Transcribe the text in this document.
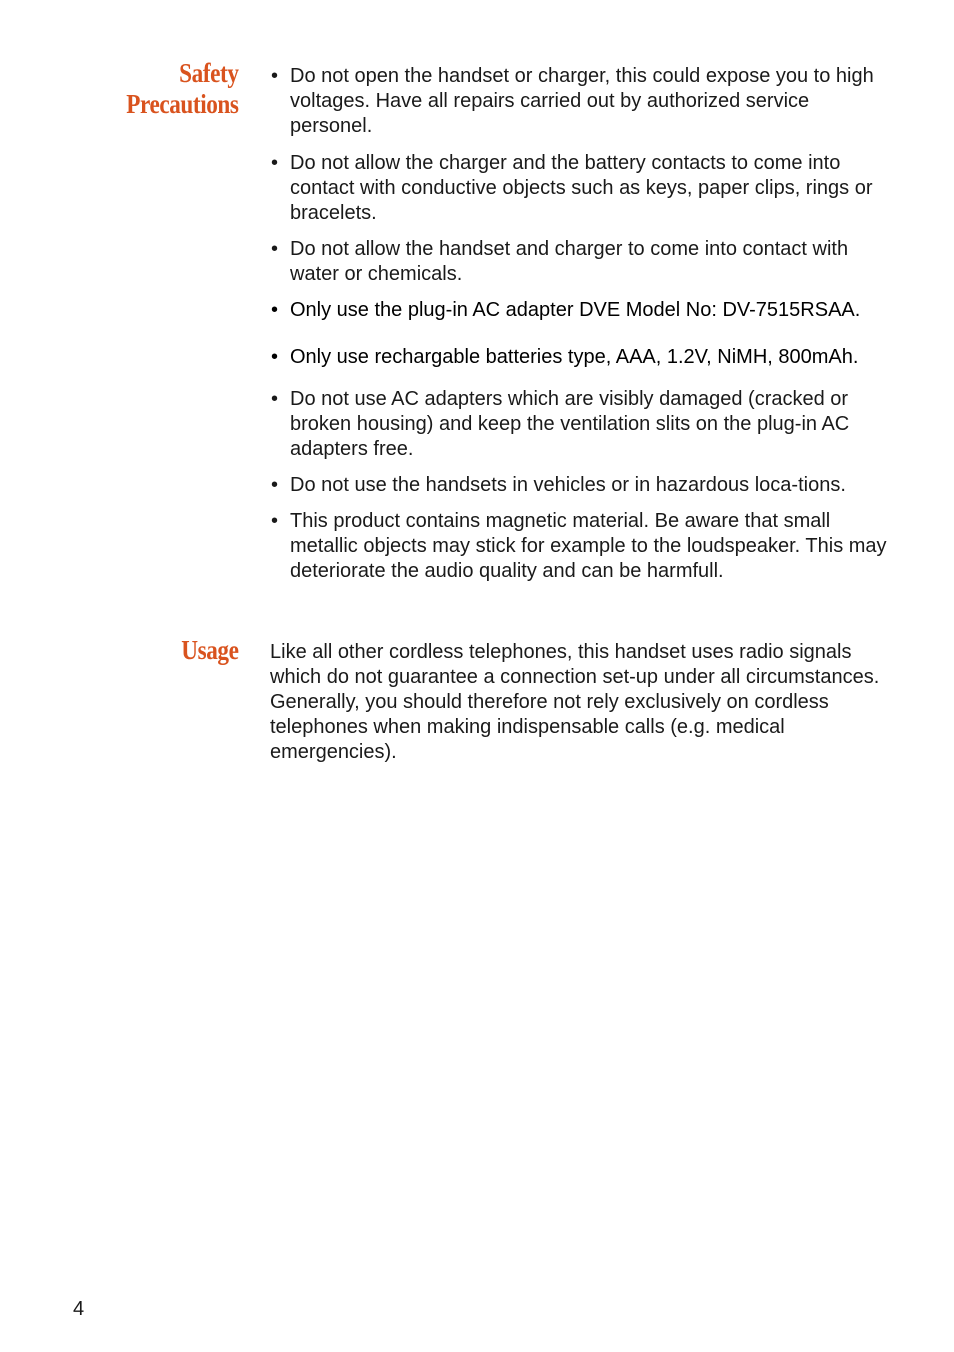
Safety
Precautions
• Do not open the handset or charger, this could expose you to high voltages. Have all repairs carried out by authorized service personel.
• Do not allow the charger and the battery contacts to come into contact with conductive objects such as keys, paper clips, rings or bracelets.
• Do not allow the handset and charger to come into contact with water or chemicals.
• Only use the plug-in AC adapter DVE Model No: DV-7515RSAA.
• Only use rechargable batteries type, AAA, 1.2V, NiMH, 800mAh.
• Do not use AC adapters which are visibly damaged (cracked or broken housing) and keep the ventilation slits on the plug-in AC adapters free.
• Do not use the handsets in vehicles or in hazardous loca-tions.
• This product contains magnetic material. Be aware that small metallic objects may stick for example to the loudspeaker. This may deteriorate the audio quality and can be harmfull.
Usage Like all other cordless telephones, this handset uses radio signals which do not guarantee a connection set-up under all circumstances. Generally, you should therefore not rely exclusively on cordless telephones when making indispensable calls (e.g. medical emergencies).

4
